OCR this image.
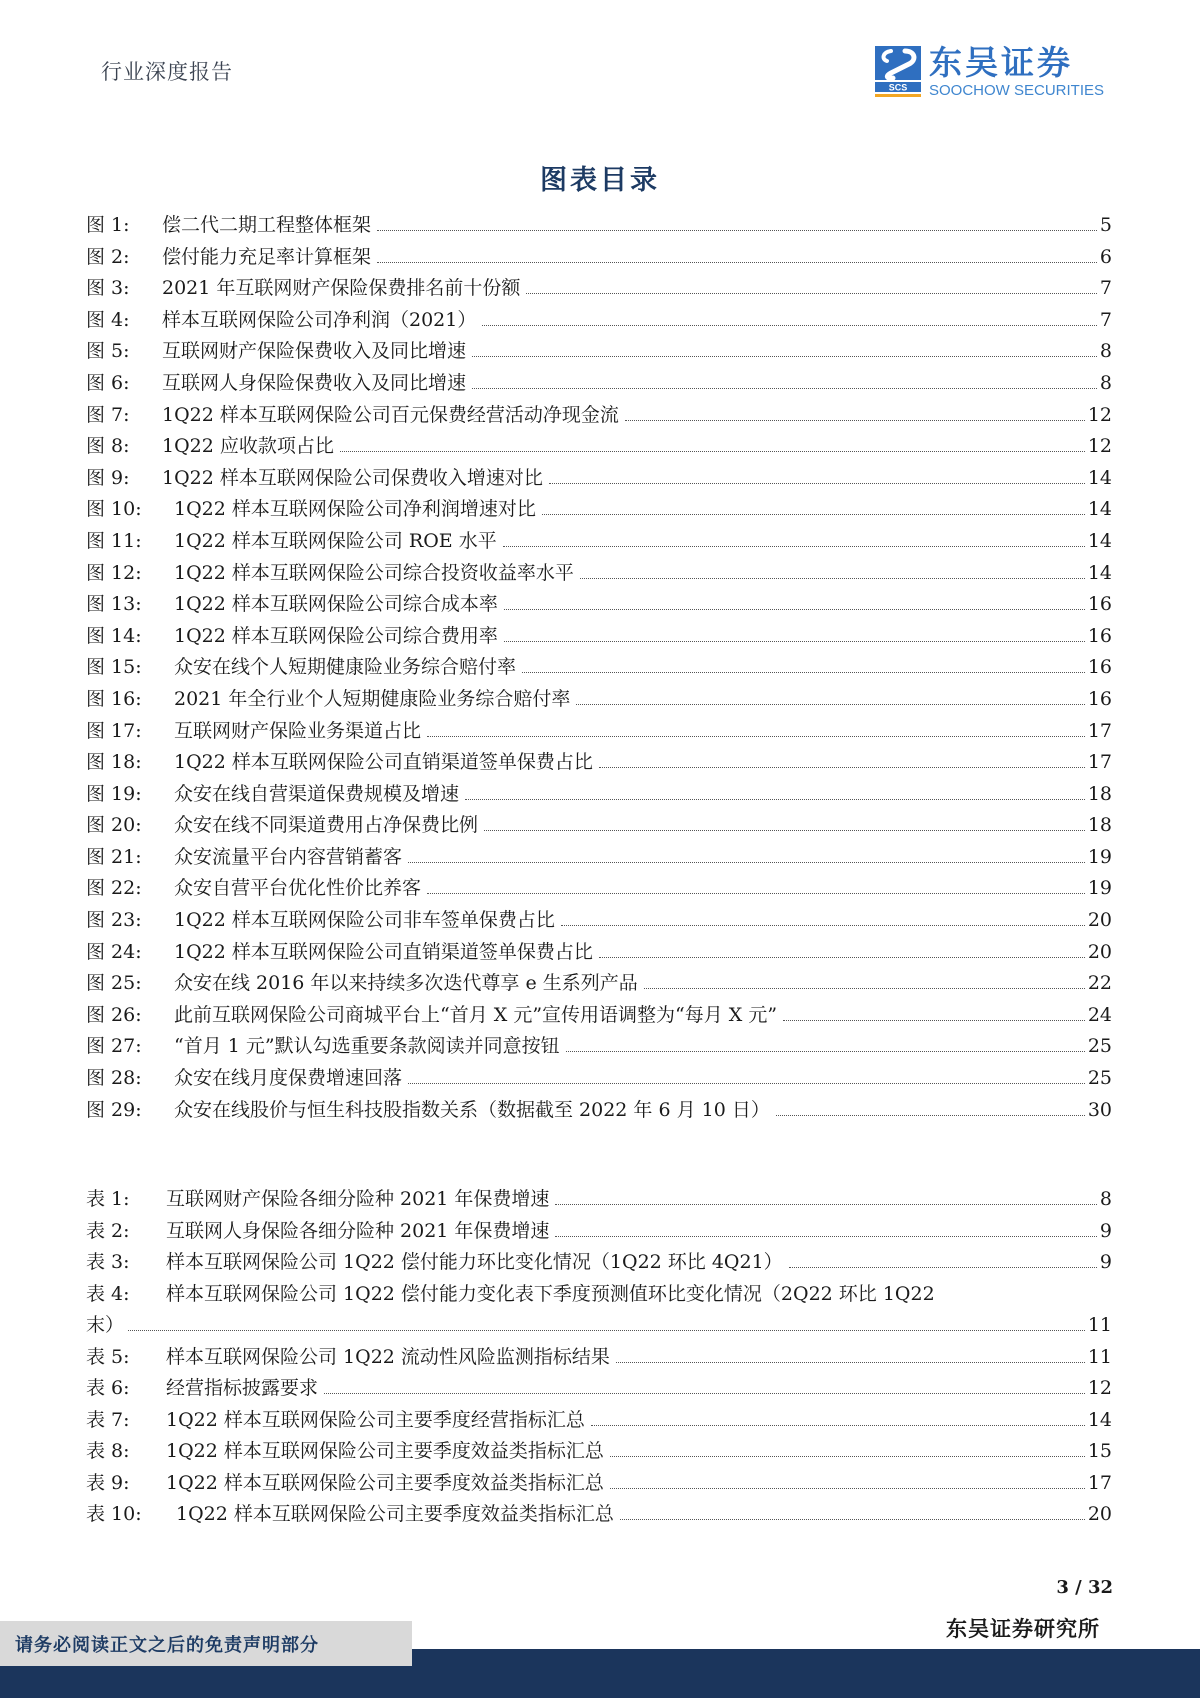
行业深度报告
SCS
东吴证券
SOOCHOW SECURITIES
图表目录
图 1:	偿二代二期工程整体框架	5
图 2:	偿付能力充足率计算框架	6
图 3:	2021 年互联网财产保险保费排名前十份额	7
图 4:	样本互联网保险公司净利润（2021）	7
图 5:	互联网财产保险保费收入及同比增速	8
图 6:	互联网人身保险保费收入及同比增速	8
图 7:	1Q22 样本互联网保险公司百元保费经营活动净现金流	12
图 8:	1Q22 应收款项占比	12
图 9:	1Q22 样本互联网保险公司保费收入增速对比	14
图 10:	1Q22 样本互联网保险公司净利润增速对比	14
图 11:	1Q22 样本互联网保险公司 ROE 水平	14
图 12:	1Q22 样本互联网保险公司综合投资收益率水平	14
图 13:	1Q22 样本互联网保险公司综合成本率	16
图 14:	1Q22 样本互联网保险公司综合费用率	16
图 15:	众安在线个人短期健康险业务综合赔付率	16
图 16:	2021 年全行业个人短期健康险业务综合赔付率	16
图 17:	互联网财产保险业务渠道占比	17
图 18:	1Q22 样本互联网保险公司直销渠道签单保费占比	17
图 19:	众安在线自营渠道保费规模及增速	18
图 20:	众安在线不同渠道费用占净保费比例	18
图 21:	众安流量平台内容营销蓄客	19
图 22:	众安自营平台优化性价比养客	19
图 23:	1Q22 样本互联网保险公司非车签单保费占比	20
图 24:	1Q22 样本互联网保险公司直销渠道签单保费占比	20
图 25:	众安在线 2016 年以来持续多次迭代尊享 e 生系列产品	22
图 26:	此前互联网保险公司商城平台上“首月 X 元”宣传用语调整为“每月 X 元”	24
图 27:	“首月 1 元”默认勾选重要条款阅读并同意按钮	25
图 28:	众安在线月度保费增速回落	25
图 29:	众安在线股价与恒生科技股指数关系（数据截至 2022 年 6 月 10 日）	30
表 1:	互联网财产保险各细分险种 2021 年保费增速	8
表 2:	互联网人身保险各细分险种 2021 年保费增速	9
表 3:	样本互联网保险公司 1Q22 偿付能力环比变化情况（1Q22 环比 4Q21）	9
表 4:	样本互联网保险公司 1Q22 偿付能力变化表下季度预测值环比变化情况（2Q22 环比 1Q22
末）	11
表 5:	样本互联网保险公司 1Q22 流动性风险监测指标结果	11
表 6:	经营指标披露要求	12
表 7:	1Q22 样本互联网保险公司主要季度经营指标汇总	14
表 8:	1Q22 样本互联网保险公司主要季度效益类指标汇总	15
表 9:	1Q22 样本互联网保险公司主要季度效益类指标汇总	17
表 10:	1Q22 样本互联网保险公司主要季度效益类指标汇总	20
3 / 32
东吴证券研究所
请务必阅读正文之后的免责声明部分
